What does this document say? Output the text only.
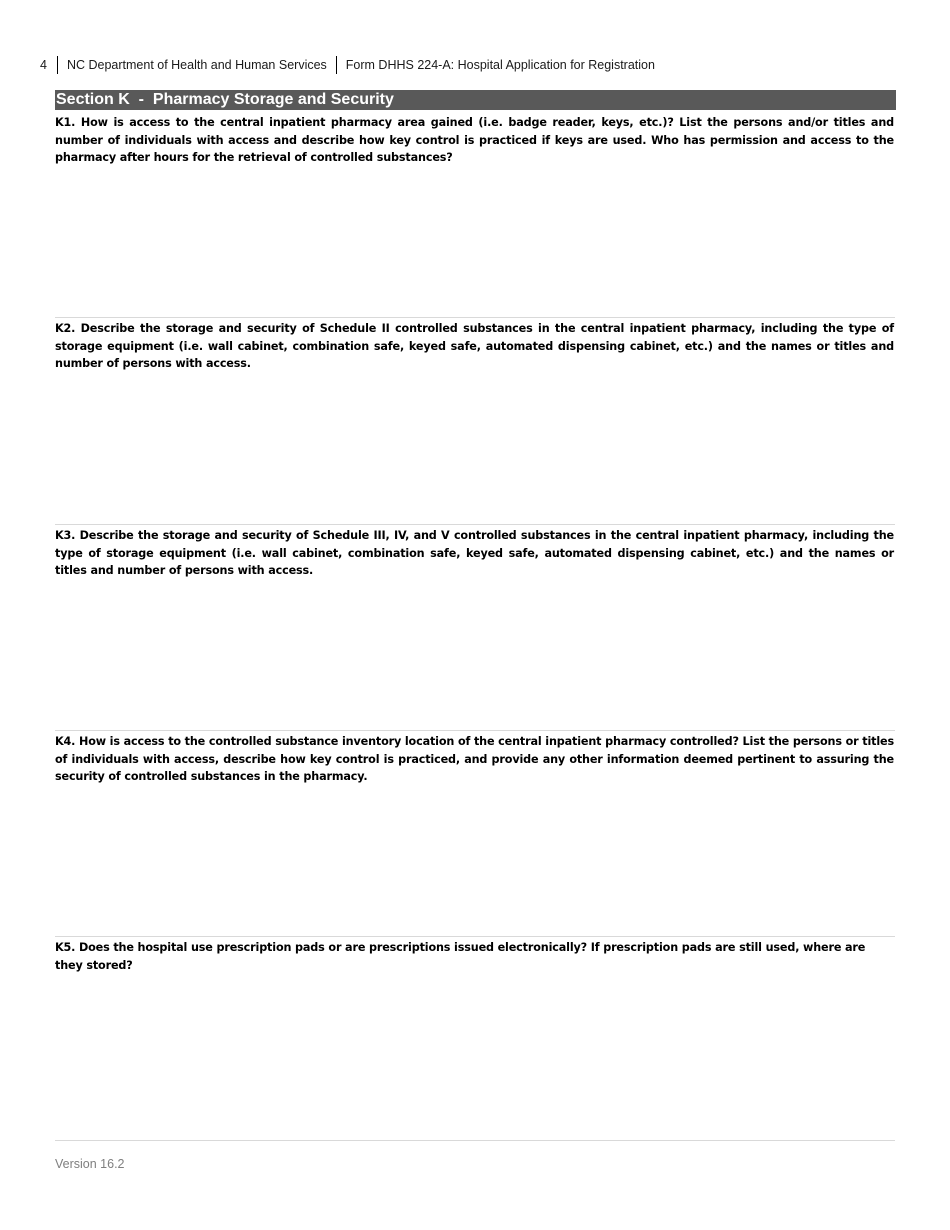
4 NC Department of Health and Human Services Form DHHS 224-A: Hospital Application for Registration
Section K  -  Pharmacy Storage and Security
K1. How is access to the central inpatient pharmacy area gained (i.e. badge reader, keys, etc.)? List the persons and/or titles and number of individuals with access and describe how key control is practiced if keys are used. Who has permission and access to the pharmacy after hours for the retrieval of controlled substances?
K2. Describe the storage and security of Schedule II controlled substances in the central inpatient pharmacy, including the type of storage equipment (i.e. wall cabinet, combination safe, keyed safe, automated dispensing cabinet, etc.) and the names or titles and number of persons with access.
K3. Describe the storage and security of Schedule III, IV, and V controlled substances in the central inpatient pharmacy, including the type of storage equipment (i.e. wall cabinet, combination safe, keyed safe, automated dispensing cabinet, etc.) and the names or titles and number of persons with access.
K4. How is access to the controlled substance inventory location of the central inpatient pharmacy controlled? List the persons or titles of individuals with access, describe how key control is practiced, and provide any other information deemed pertinent to assuring the security of controlled substances in the pharmacy.
K5. Does the hospital use prescription pads or are prescriptions issued electronically? If prescription pads are still used, where are they stored?
Version 16.2
